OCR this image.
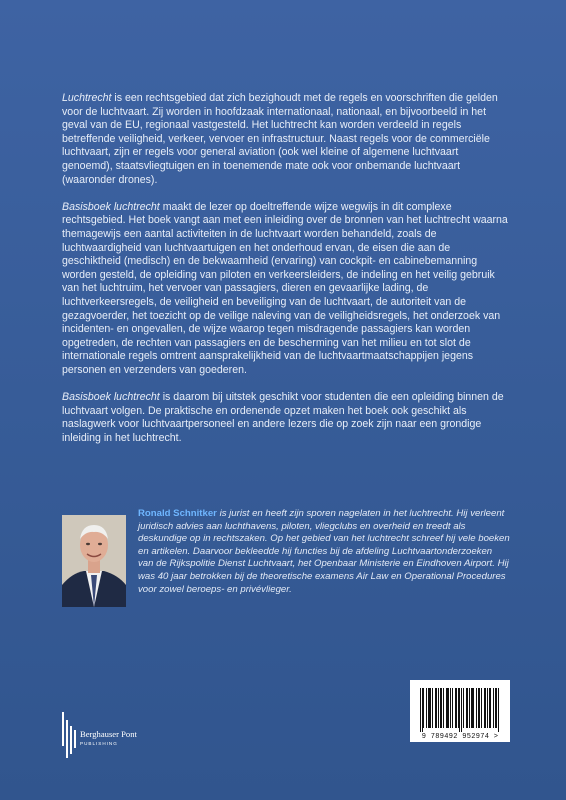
Luchtrecht is een rechtsgebied dat zich bezighoudt met de regels en voorschriften die gelden voor de luchtvaart. Zij worden in hoofdzaak internationaal, nationaal, en bijvoorbeeld in het geval van de EU, regionaal vastgesteld. Het luchtrecht kan worden verdeeld in regels betreffende veiligheid, verkeer, vervoer en infrastructuur. Naast regels voor de commerciële luchtvaart, zijn er regels voor general aviation (ook wel kleine of algemene luchtvaart genoemd), staatsvliegtuigen en in toenemende mate ook voor onbemande luchtvaart (waaronder drones).

Basisboek luchtrecht maakt de lezer op doeltreffende wijze wegwijs in dit complexe rechtsgebied. Het boek vangt aan met een inleiding over de bronnen van het luchtrecht waarna themagewijs een aantal activiteiten in de luchtvaart worden behandeld, zoals de luchtwaardigheid van luchtvaartuigen en het onderhoud ervan, de eisen die aan de geschiktheid (medisch) en de bekwaamheid (ervaring) van cockpit- en cabinebemanning worden gesteld, de opleiding van piloten en verkeersleiders, de indeling en het veilig gebruik van het luchtruim, het vervoer van passagiers, dieren en gevaarlijke lading, de luchtverkeersregels, de veiligheid en beveiliging van de luchtvaart, de autoriteit van de gezagvoerder, het toezicht op de veilige naleving van de veiligheidsregels, het onderzoek van incidenten- en ongevallen, de wijze waarop tegen misdragende passagiers kan worden opgetreden, de rechten van passagiers en de bescherming van het milieu en tot slot de internationale regels omtrent aansprakelijkheid van de luchtvaartmaatschappijen jegens personen en verzenders van goederen.

Basisboek luchtrecht is daarom bij uitstek geschikt voor studenten die een opleiding binnen de luchtvaart volgen. De praktische en ordenende opzet maken het boek ook geschikt als naslagwerk voor luchtvaartpersoneel en andere lezers die op zoek zijn naar een grondige inleiding in het luchtrecht.

Ronald Schnitker is jurist en heeft zijn sporen nagelaten in het luchtrecht. Hij verleent juridisch advies aan luchthavens, piloten, vliegclubs en overheid en treedt als deskundige op in rechtszaken. Op het gebied van het luchtrecht schreef hij vele boeken en artikelen. Daarvoor bekleedde hij functies bij de afdeling Luchtvaartonderzoeken van de Rijkspolitie Dienst Luchtvaart, het Openbaar Ministerie en Eindhoven Airport. Hij was 40 jaar betrokken bij de theoretische examens Air Law en Operational Procedures voor zowel beroeps- en privévlieger.
Berghauser Pont
PUBLISHING
9 789492 952974 >
